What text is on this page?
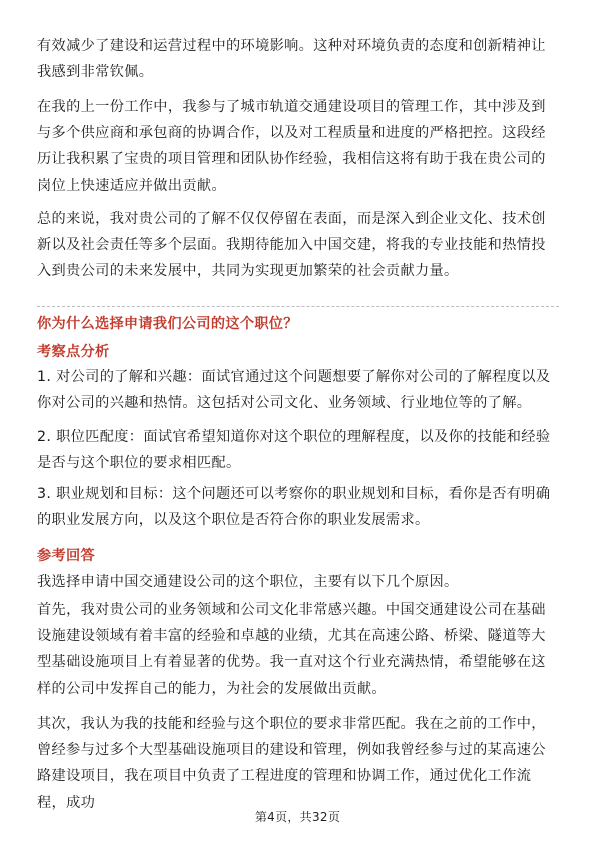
有效减少了建设和运营过程中的环境影响。这种对环境负责的态度和创新精神让我感到非常钦佩。

在我的上一份工作中，我参与了城市轨道交通建设项目的管理工作，其中涉及到与多个供应商和承包商的协调合作，以及对工程质量和进度的严格把控。这段经历让我积累了宝贵的项目管理和团队协作经验，我相信这将有助于我在贵公司的岗位上快速适应并做出贡献。

总的来说，我对贵公司的了解不仅仅停留在表面，而是深入到企业文化、技术创新以及社会责任等多个层面。我期待能加入中国交建，将我的专业技能和热情投入到贵公司的未来发展中，共同为实现更加繁荣的社会贡献力量。

你为什么选择申请我们公司的这个职位？
考察点分析

1. 对公司的了解和兴趣：面试官通过这个问题想要了解你对公司的了解程度以及你对公司的兴趣和热情。这包括对公司文化、业务领域、行业地位等的了解。

2. 职位匹配度：面试官希望知道你对这个职位的理解程度，以及你的技能和经验是否与这个职位的要求相匹配。

3. 职业规划和目标：这个问题还可以考察你的职业规划和目标，看你是否有明确的职业发展方向，以及这个职位是否符合你的职业发展需求。

参考回答

我选择申请中国交通建设公司的这个职位，主要有以下几个原因。

首先，我对贵公司的业务领域和公司文化非常感兴趣。中国交通建设公司在基础设施建设领域有着丰富的经验和卓越的业绩，尤其在高速公路、桥梁、隧道等大型基础设施项目上有着显著的优势。我一直对这个行业充满热情，希望能够在这样的公司中发挥自己的能力，为社会的发展做出贡献。

其次，我认为我的技能和经验与这个职位的要求非常匹配。我在之前的工作中，曾经参与过多个大型基础设施项目的建设和管理，例如我曾经参与过的某高速公路建设项目，我在项目中负责了工程进度的管理和协调工作，通过优化工作流程，成功

第4页，共32页
